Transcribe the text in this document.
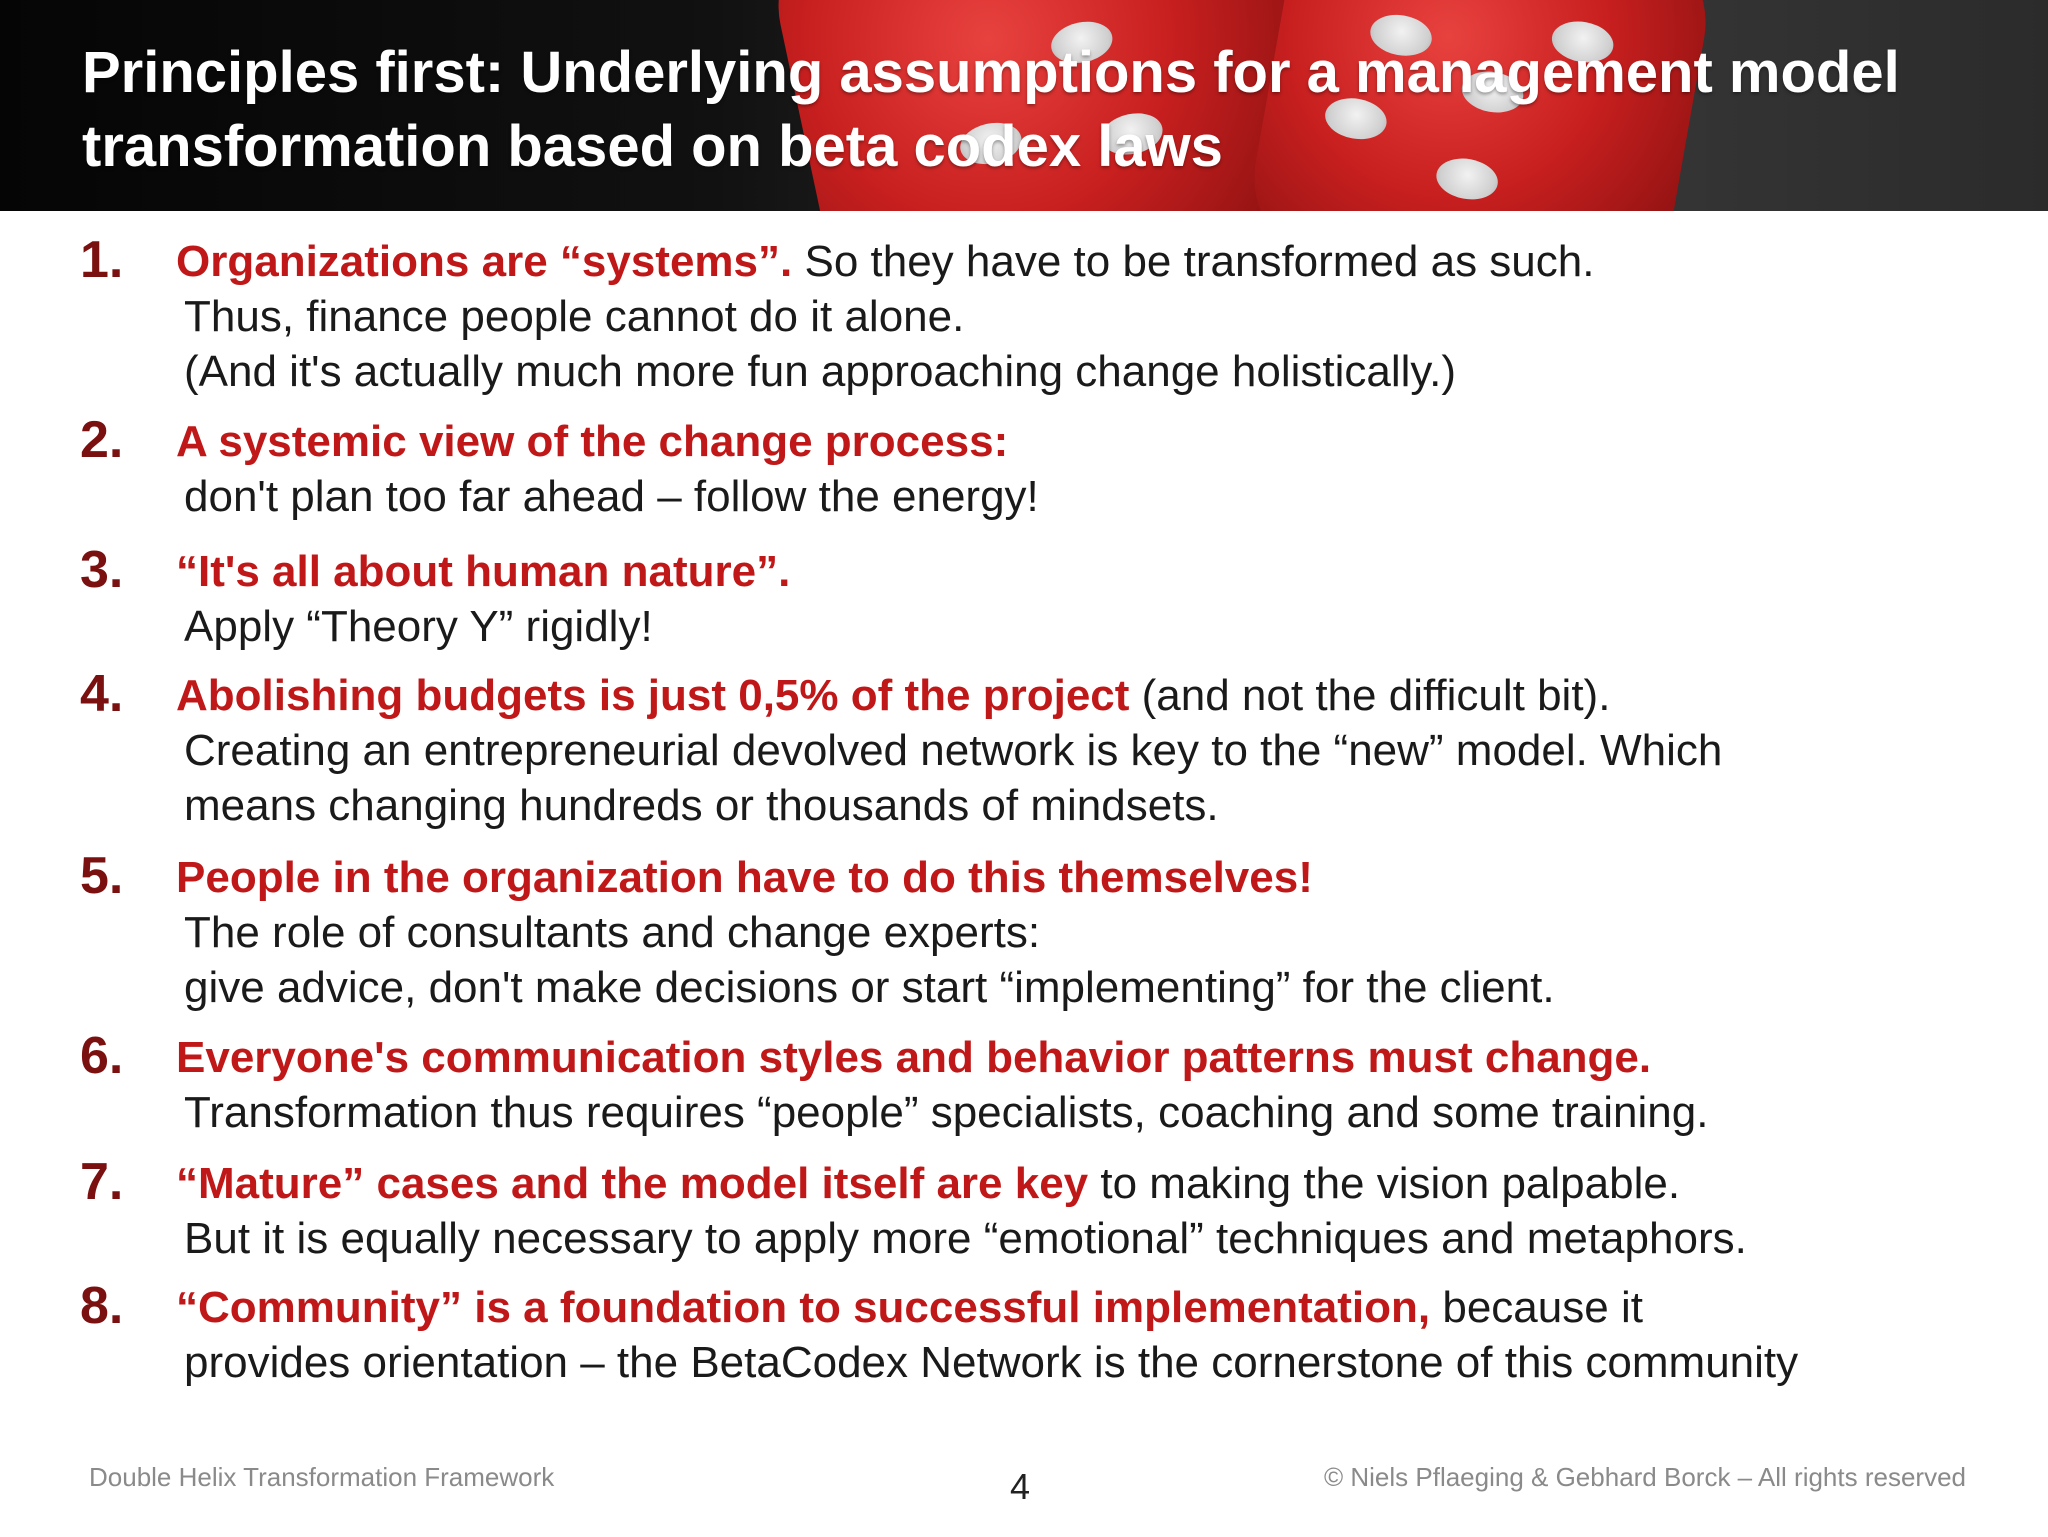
Principles first: Underlying assumptions for a management model transformation based on beta codex laws
1.	Organizations are “systems”. So they have to be transformed as such.
Thus, finance people cannot do it alone.
(And it's actually much more fun approaching change holistically.)
2.	A systemic view of the change process:
don't plan too far ahead – follow the energy!
3.	“It's all about human nature”.
Apply “Theory Y” rigidly!
4.	Abolishing budgets is just 0,5% of the project (and not the difficult bit).
Creating an entrepreneurial devolved network is key to the “new” model. Which
means changing hundreds or thousands of mindsets.
5.	People in the organization have to do this themselves!
The role of consultants and change experts:
give advice, don't make decisions or start “implementing” for the client.
6.	Everyone's communication styles and behavior patterns must change.
Transformation thus requires “people” specialists, coaching and some training.
7.	“Mature” cases and the model itself are key to making the vision palpable.
But it is equally necessary to apply more “emotional” techniques and metaphors.
8.	“Community” is a foundation to successful implementation, because it
provides orientation – the BetaCodex Network is the cornerstone of this community
Double Helix Transformation Framework	4	© Niels Pflaeging & Gebhard Borck – All rights reserved
